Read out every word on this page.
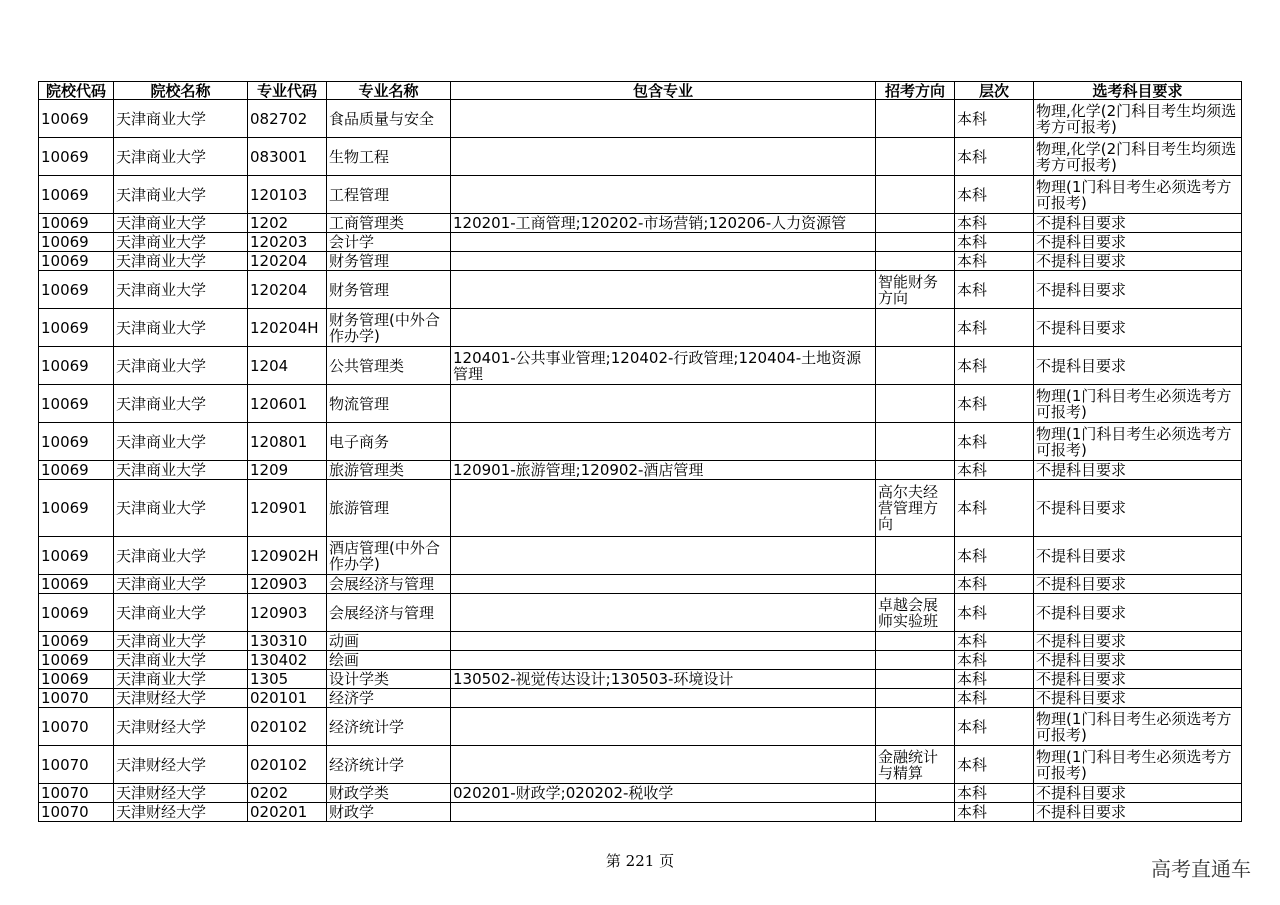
院校代码	院校名称	专业代码	专业名称	包含专业	招考方向	层次	选考科目要求
10069	天津商业大学	082702	食品质量与安全			本科	物理,化学(2门科目考生均须选考方可报考)
10069	天津商业大学	083001	生物工程			本科	物理,化学(2门科目考生均须选考方可报考)
10069	天津商业大学	120103	工程管理			本科	物理(1门科目考生必须选考方可报考)
10069	天津商业大学	1202	工商管理类	120201-工商管理;120202-市场营销;120206-人力资源管		本科	不提科目要求
10069	天津商业大学	120203	会计学			本科	不提科目要求
10069	天津商业大学	120204	财务管理			本科	不提科目要求
10069	天津商业大学	120204	财务管理		智能财务方向	本科	不提科目要求
10069	天津商业大学	120204H	财务管理(中外合作办学)			本科	不提科目要求
10069	天津商业大学	1204	公共管理类	120401-公共事业管理;120402-行政管理;120404-土地资源管理		本科	不提科目要求
10069	天津商业大学	120601	物流管理			本科	物理(1门科目考生必须选考方可报考)
10069	天津商业大学	120801	电子商务			本科	物理(1门科目考生必须选考方可报考)
10069	天津商业大学	1209	旅游管理类	120901-旅游管理;120902-酒店管理		本科	不提科目要求
10069	天津商业大学	120901	旅游管理		高尔夫经营管理方向	本科	不提科目要求
10069	天津商业大学	120902H	酒店管理(中外合作办学)			本科	不提科目要求
10069	天津商业大学	120903	会展经济与管理			本科	不提科目要求
10069	天津商业大学	120903	会展经济与管理		卓越会展师实验班	本科	不提科目要求
10069	天津商业大学	130310	动画			本科	不提科目要求
10069	天津商业大学	130402	绘画			本科	不提科目要求
10069	天津商业大学	1305	设计学类	130502-视觉传达设计;130503-环境设计		本科	不提科目要求
10070	天津财经大学	020101	经济学			本科	不提科目要求
10070	天津财经大学	020102	经济统计学			本科	物理(1门科目考生必须选考方可报考)
10070	天津财经大学	020102	经济统计学		金融统计与精算	本科	物理(1门科目考生必须选考方可报考)
10070	天津财经大学	0202	财政学类	020201-财政学;020202-税收学		本科	不提科目要求
10070	天津财经大学	020201	财政学			本科	不提科目要求
第 221 页	高考直通车
